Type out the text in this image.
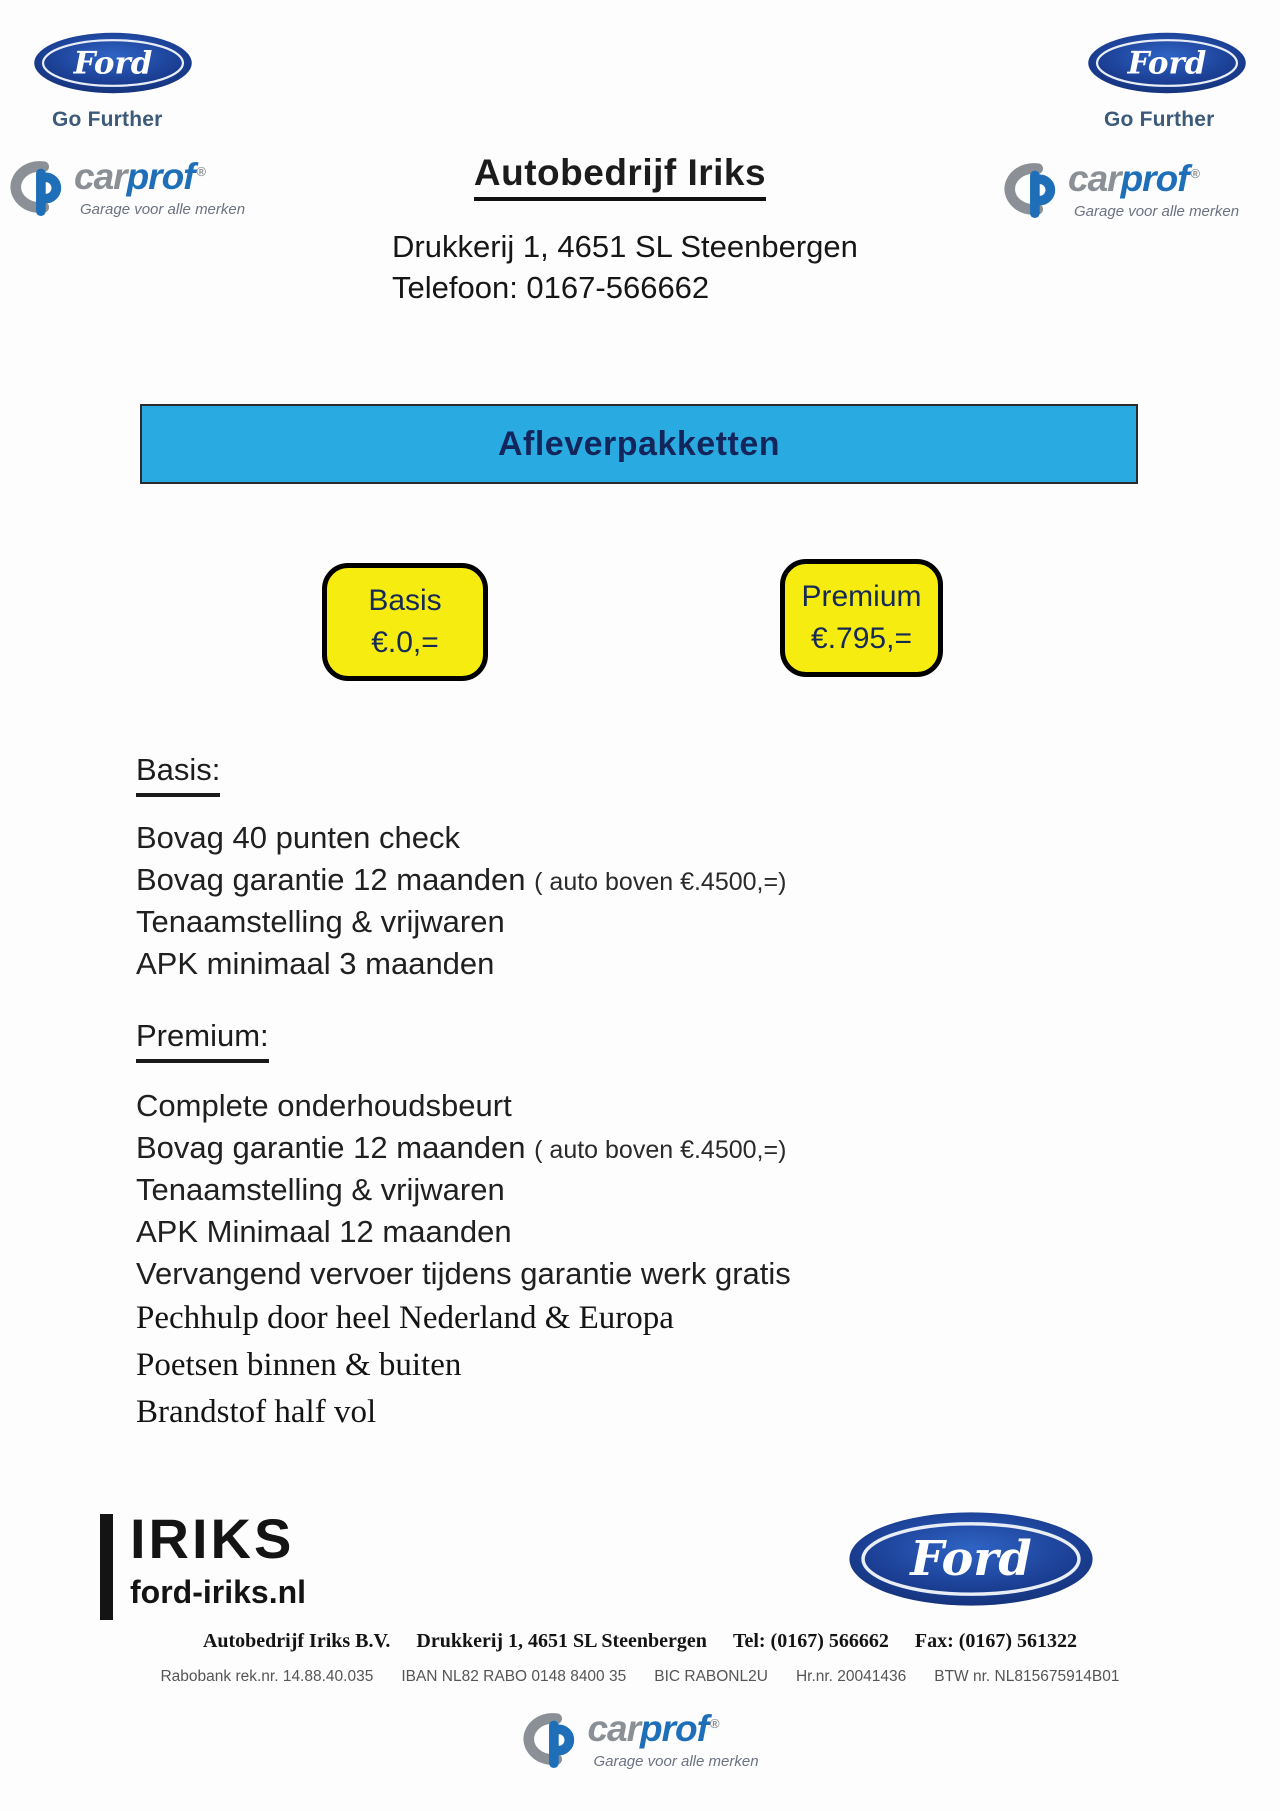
Ford
Go Further
carprof ®
Garage voor alle merken
Ford
Go Further
carprof ®
Garage voor alle merken
Autobedrijf Iriks
Drukkerij 1, 4651 SL Steenbergen
Telefoon: 0167-566662
Afleverpakketten
Basis
€.0,=
Premium
€.795,=
Basis:
Bovag 40 punten check
Bovag garantie 12 maanden ( auto boven €.4500,=)
Tenaamstelling & vrijwaren
APK minimaal 3 maanden
Premium:
Complete onderhoudsbeurt
Bovag garantie 12 maanden ( auto boven €.4500,=)
Tenaamstelling & vrijwaren
APK Minimaal 12 maanden
Vervangend vervoer tijdens garantie werk gratis
Pechhulp door heel Nederland & Europa
Poetsen binnen & buiten
Brandstof half vol
IRIKS
ford-iriks.nl
Ford
Autobedrijf Iriks B.V. Drukkerij 1, 4651 SL Steenbergen Tel: (0167) 566662 Fax: (0167) 561322
Rabobank rek.nr. 14.88.40.035 IBAN NL82 RABO 0148 8400 35 BIC RABONL2U Hr.nr. 20041436 BTW nr. NL815675914B01
carprof ®
Garage voor alle merken
